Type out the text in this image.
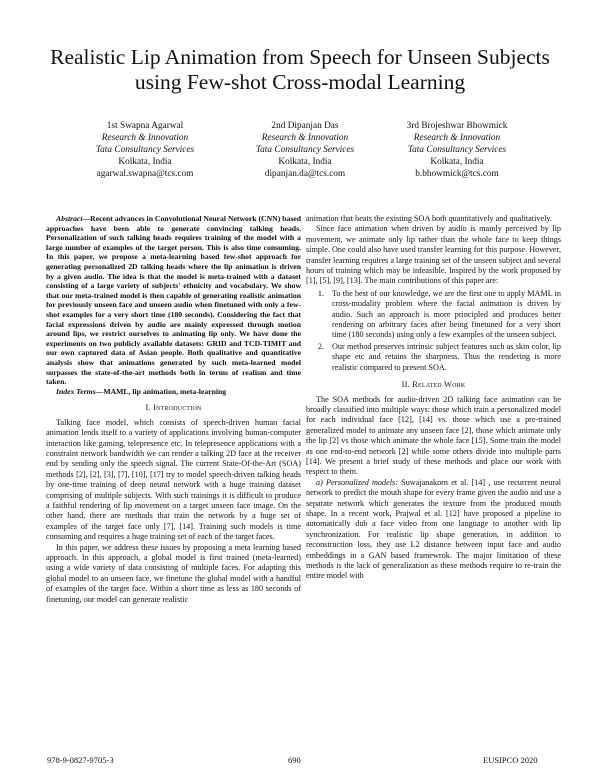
Realistic Lip Animation from Speech for Unseen Subjects using Few-shot Cross-modal Learning
1st Swapna Agarwal
Research & Innovation
Tata Consultancy Services
Kolkata, India
agarwal.swapna@tcs.com
2nd Dipanjan Das
Research & Innovation
Tata Consultancy Services
Kolkata, India
dipanjan.da@tcs.com
3rd Brojeshwar Bhowmick
Research & Innovation
Tata Consultancy Services
Kolkata, India
b.bhowmick@tcs.com

Abstract—Recent advances in Convolutional Neural Network (CNN) based approaches have been able to generate convincing talking heads. Personalization of such talking heads requires training of the model with a large number of examples of the target person. This is also time consuming. In this paper, we propose a meta-learning based few-shot approach for generating personalized 2D talking heads where the lip animation is driven by a given audio. The idea is that the model is meta-trained with a dataset consisting of a large variety of subjects' ethnicity and vocabulary. We show that our meta-trained model is then capable of generating realistic animation for previously unseen face and unseen audio when finetuned with only a few-shot examples for a very short time (180 seconds). Considering the fact that facial expressions driven by audio are mainly expressed through motion around lips, we restrict ourselves to animating lip only. We have done the experiments on two publicly available datasets: GRID and TCD-TIMIT and our own captured data of Asian people. Both qualitative and quantitative analysis show that animations generated by such meta-learned model surpasses the state-of-the-art methods both in terms of realism and time taken.

Index Terms—MAML, lip animation, meta-learning

I. Introduction

Talking face model, which consists of speech-driven human facial animation lends itself to a variety of applications involving human-computer interaction like gaming, telepresence etc. In telepresence applications with a constraint network bandwidth we can render a talking 2D face at the receiver end by sending only the speech signal. The current State-Of-the-Art (SOA) methods [2], [2], [3], [7], [10], [17] try to model speech-driven talking heads by one-time training of deep neural network with a huge training dataset comprising of multiple subjects. With such trainings it is difficult to produce a faithful rendering of lip movement on a target unseen face image. On the other hand, there are methods that train the network by a huge set of examples of the target face only [7], [14]. Training such models is time consuming and requires a huge training set of each of the target faces.

In this paper, we address these issues by proposing a meta learning based approach. In this approach, a global model is first trained (meta-learned) using a wide variety of data consisting of multiple faces. For adapting this global model to an unseen face, we finetune the global model with a handful of examples of the target face. Within a short time as less as 180 seconds of finetuning, our model can generate realistic

animation that beats the existing SOA both quantitatively and qualitatively.

Since face animation when driven by audio is mainly perceived by lip movement, we animate only lip rather than the whole face to keep things simple. One could also have used transfer learning for this purpose. However, transfer learning requires a large training set of the unseen subject and several hours of training which may be infeasible. Inspired by the work proposed by [1], [5], [9], [13]. The main contributions of this paper are:

1. To the best of our knowledge, we are the first one to apply MAML in cross-modality problem where the facial animation is driven by audio. Such an approach is more principled and produces better rendering on arbitrary faces after being finetuned for a very short time (180 seconds) using only a few examples of the unseen subject.
2. Our method preserves intrinsic subject features such as skin color, lip shape etc and retains the sharpness. Thus the rendering is more realistic compared to present SOA.
II. Related Work

The SOA methods for audio-driven 2D talking face animation can be broadly classified into multiple ways: those which train a personalized model for each individual face [12], [14] vs. those which use a pre-trained generalized model to animate any unseen face [2], those which animate only the lip [2] vs those which animate the whole face [15]. Some train the model as one end-to-end network [2] while some others divide into multiple parts [14]. We present a brief study of these methods and place our work with respect to them.

a) Personalized models: Suwajanakorn et al. [14] , use recurrent neural network to predict the mouth shape for every frame given the audio and use a separate network which generates the texture from the produced mouth shape. In a recent work, Prajwal et al. [12] have proposed a pipeline to automatically dub a face video from one language to another with lip synchronization. For realistic lip shape generation, in addition to reconstruction loss, they use L2 distance between input face and audio embeddings in a GAN based framewrok. The major limitation of these methods is the lack of generalization as these methods require to re-train the entire model with

978-9-0827-9705-3	690	EUSIPCO 2020
